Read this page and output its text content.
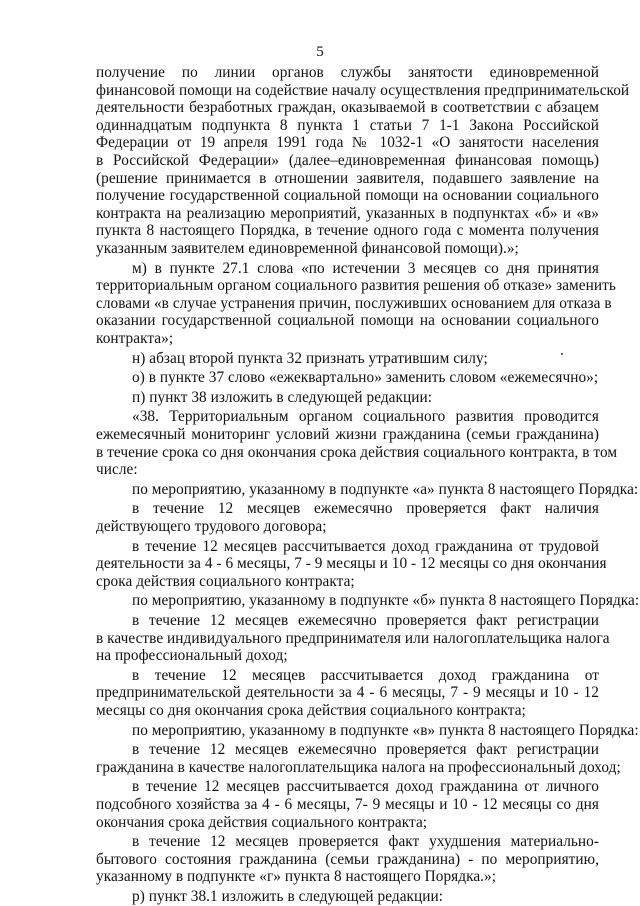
5
получение по линии органов службы занятости единовременной
финансовой помощи на содействие началу осуществления предпринимательской
деятельности безработных граждан, оказываемой в соответствии с абзацем
одиннадцатым подпункта 8 пункта 1 статьи 7 1-1 Закона Российской
Федерации от 19 апреля 1991 года № 1032-1 «О занятости населения
в Российской Федерации» (далее–единовременная финансовая помощь)
(решение принимается в отношении заявителя, подавшего заявление на
получение государственной социальной помощи на основании социального
контракта на реализацию мероприятий, указанных в подпунктах «б» и «в»
пункта 8 настоящего Порядка, в течение одного года с момента получения
указанным заявителем единовременной финансовой помощи).»;
м) в пункте 27.1 слова «по истечении 3 месяцев со дня принятия
территориальным органом социального развития решения об отказе» заменить
словами «в случае устранения причин, послуживших основанием для отказа в
оказании государственной социальной помощи на основании социального
контракта»;
н) абзац второй пункта 32 признать утратившим силу;
о) в пункте 37 слово «ежеквартально» заменить словом «ежемесячно»;
п) пункт 38 изложить в следующей редакции:
«38. Территориальным органом социального развития проводится
ежемесячный мониторинг условий жизни гражданина (семьи гражданина)
в течение срока со дня окончания срока действия социального контракта, в том
числе:
по мероприятию, указанному в подпункте «а» пункта 8 настоящего Порядка:
в течение 12 месяцев ежемесячно проверяется факт наличия
действующего трудового договора;
в течение 12 месяцев рассчитывается доход гражданина от трудовой
деятельности за 4 - 6 месяцы, 7 - 9 месяцы и 10 - 12 месяцы со дня окончания
срока действия социального контракта;
по мероприятию, указанному в подпункте «б» пункта 8 настоящего Порядка:
в течение 12 месяцев ежемесячно проверяется факт регистрации
в качестве индивидуального предпринимателя или налогоплательщика налога
на профессиональный доход;
в течение 12 месяцев рассчитывается доход гражданина от
предпринимательской деятельности за 4 - 6 месяцы, 7 - 9 месяцы и 10 - 12
месяцы со дня окончания срока действия социального контракта;
по мероприятию, указанному в подпункте «в» пункта 8 настоящего Порядка:
в течение 12 месяцев ежемесячно проверяется факт регистрации
гражданина в качестве налогоплательщика налога на профессиональный доход;
в течение 12 месяцев рассчитывается доход гражданина от личного
подсобного хозяйства за 4 - 6 месяцы, 7- 9 месяцы и 10 - 12 месяцы со дня
окончания срока действия социального контракта;
в течение 12 месяцев проверяется факт ухудшения материально-
бытового состояния гражданина (семьи гражданина) - по мероприятию,
указанному в подпункте «г» пункта 8 настоящего Порядка.»;
р) пункт 38.1 изложить в следующей редакции:
